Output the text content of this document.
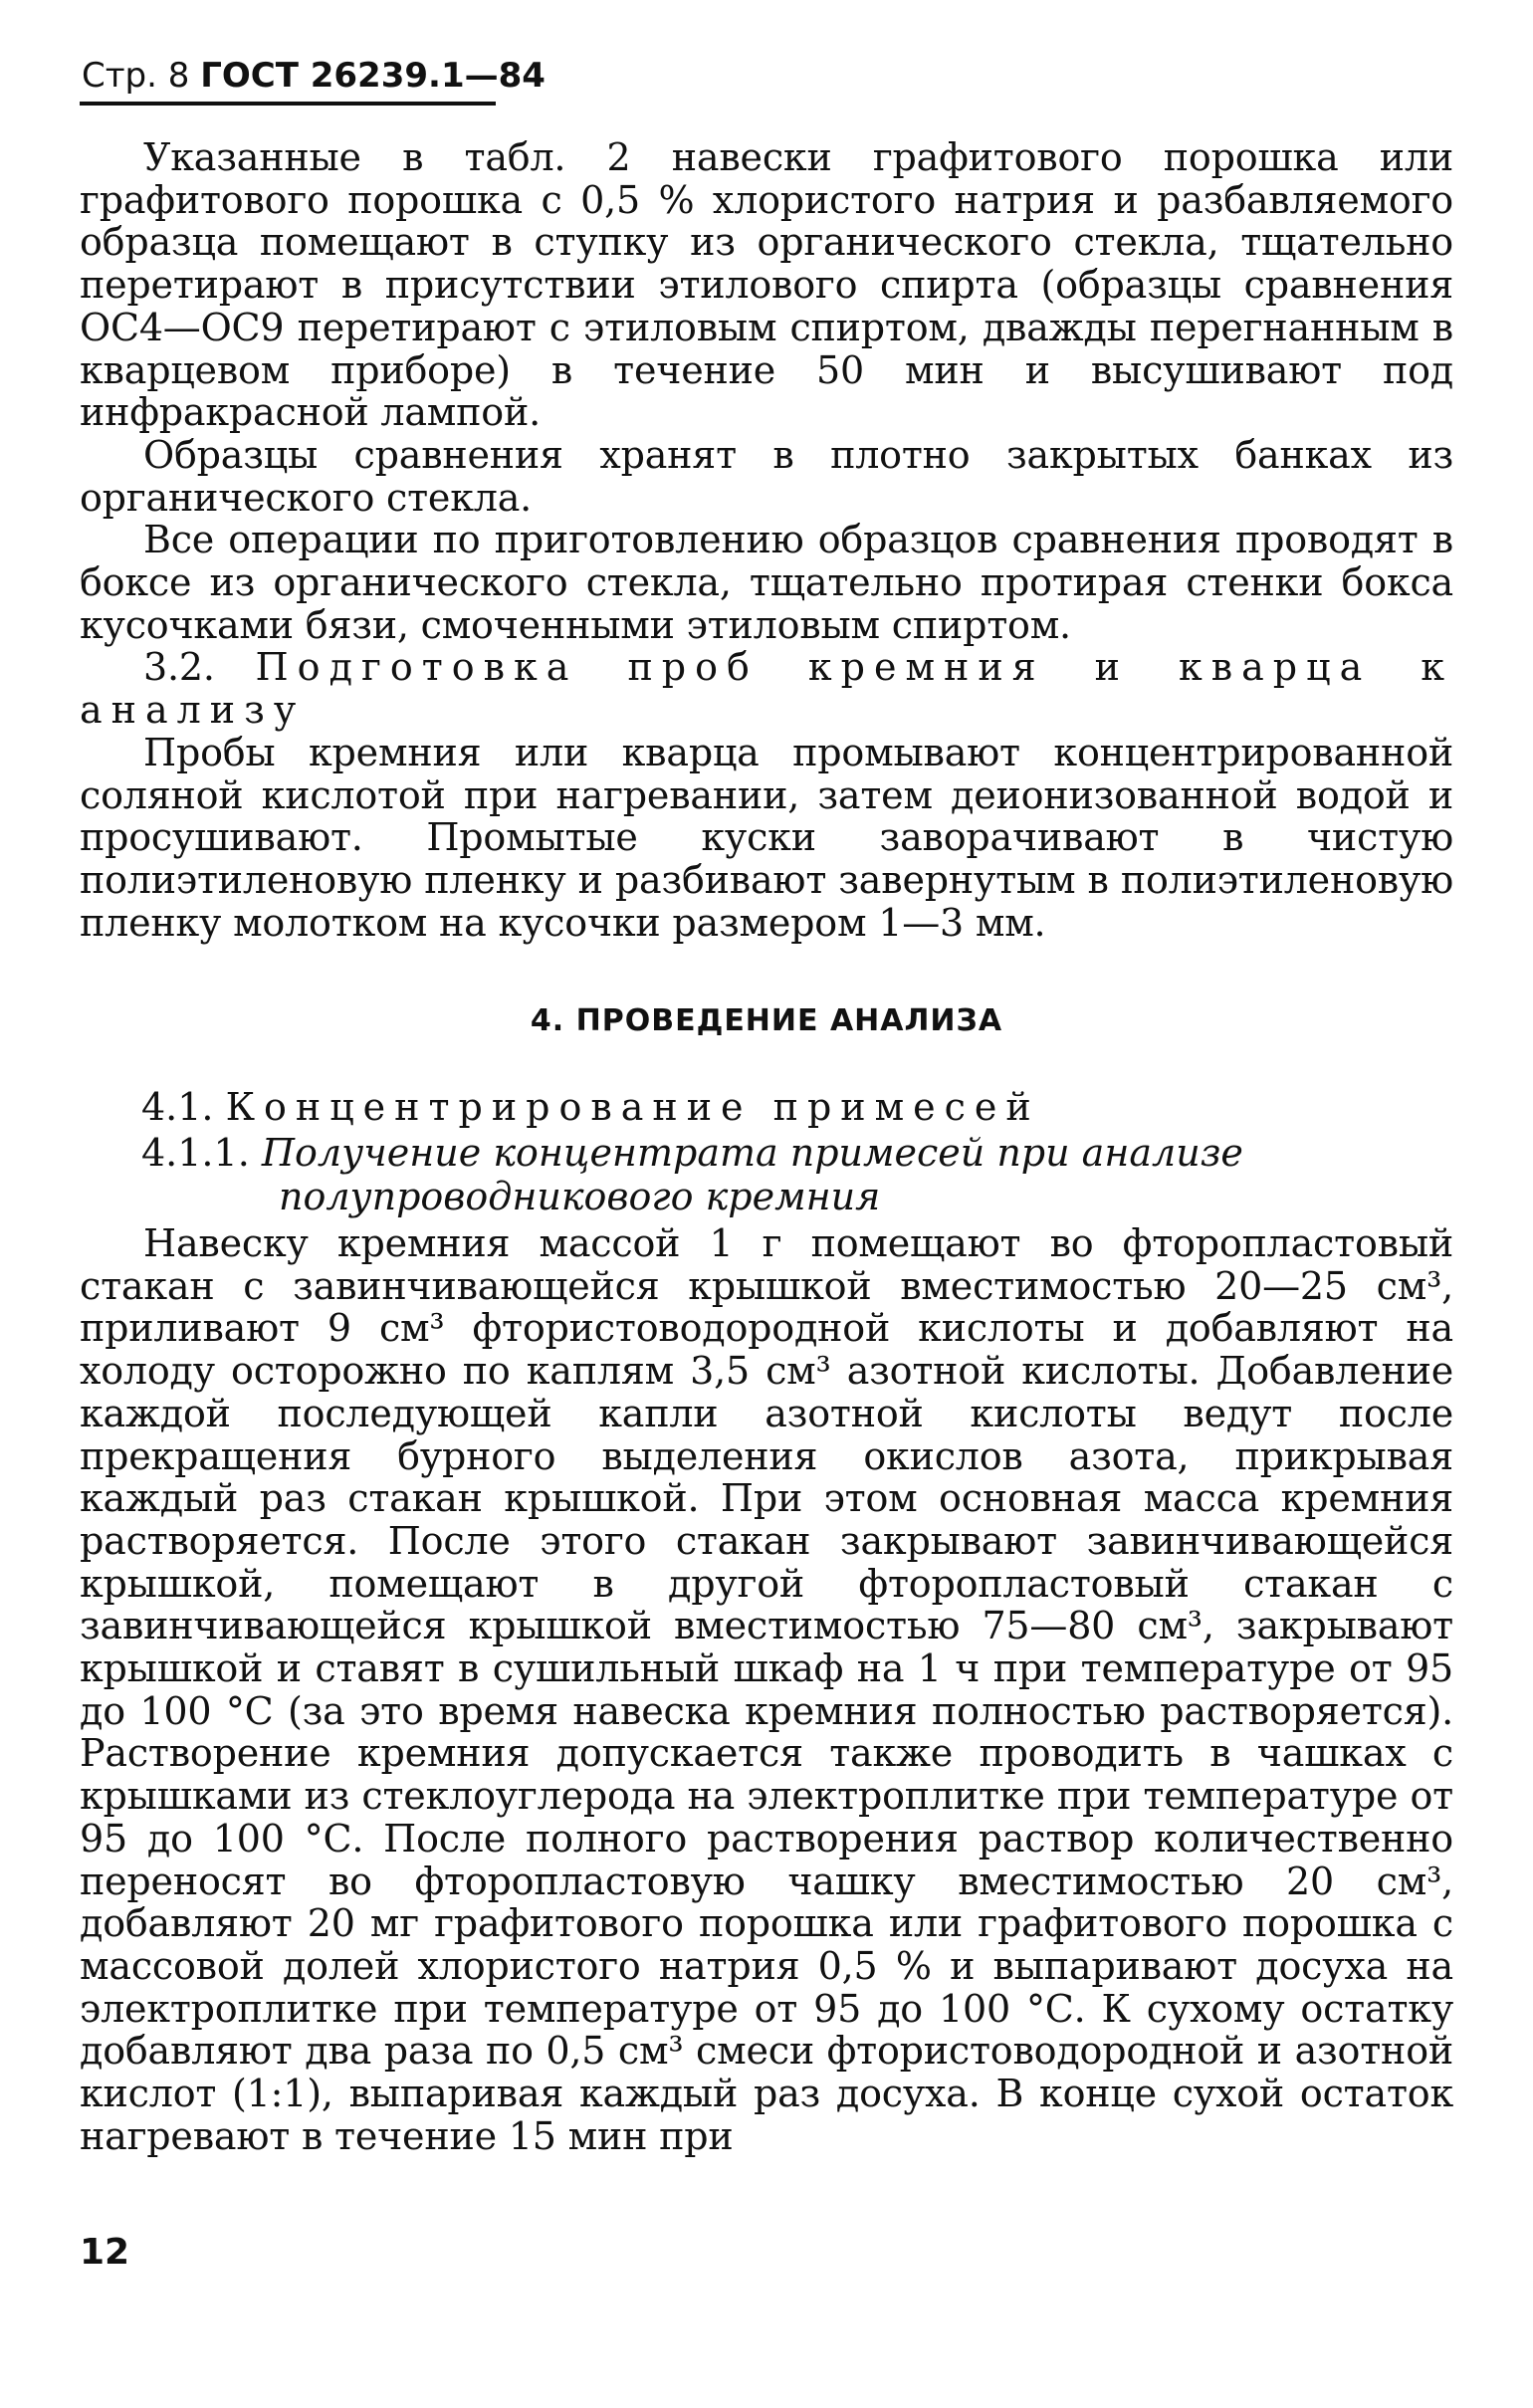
Стр. 8 ГОСТ 26239.1—84

Указанные в табл. 2 навески графитового порошка или графитового порошка с 0,5 % хлористого натрия и разбавляемого образца помещают в ступку из органического стекла, тщательно перетирают в присутствии этилового спирта (образцы сравнения ОС4—ОС9 перетирают с этиловым спиртом, дважды перегнанным в кварцевом приборе) в течение 50 мин и высушивают под инфракрасной лампой.

Образцы сравнения хранят в плотно закрытых банках из органического стекла.

Все операции по приготовлению образцов сравнения проводят в боксе из органического стекла, тщательно протирая стенки бокса кусочками бязи, смоченными этиловым спиртом.

3.2. Подготовка проб кремния и кварца к анализу

Пробы кремния или кварца промывают концентрированной соляной кислотой при нагревании, затем деионизованной водой и просушивают. Промытые куски заворачивают в чистую полиэтиленовую пленку и разбивают завернутым в полиэтиленовую пленку молотком на кусочки размером 1—3 мм.

4. ПРОВЕДЕНИЕ АНАЛИЗА

4.1. Концентрирование примесей

4.1.1. Получение концентрата примесей при анализе полупроводникового кремния

Навеску кремния массой 1 г помещают во фторопластовый стакан с завинчивающейся крышкой вместимостью 20—25 см³, приливают 9 см³ фтористоводородной кислоты и добавляют на холоду осторожно по каплям 3,5 см³ азотной кислоты. Добавление каждой последующей капли азотной кислоты ведут после прекращения бурного выделения окислов азота, прикрывая каждый раз стакан крышкой. При этом основная масса кремния растворяется. После этого стакан закрывают завинчивающейся крышкой, помещают в другой фторопластовый стакан с завинчивающейся крышкой вместимостью 75—80 см³, закрывают крышкой и ставят в сушильный шкаф на 1 ч при температуре от 95 до 100 °С (за это время навеска кремния полностью растворяется). Растворение кремния допускается также проводить в чашках с крышками из стеклоуглерода на электроплитке при температуре от 95 до 100 °С. После полного растворения раствор количественно переносят во фторопластовую чашку вместимостью 20 см³, добавляют 20 мг графитового порошка или графитового порошка с массовой долей хлористого натрия 0,5 % и выпаривают досуха на электроплитке при температуре от 95 до 100 °С. К сухому остатку добавляют два раза по 0,5 см³ смеси фтористоводородной и азотной кислот (1:1), выпаривая каждый раз досуха. В конце сухой остаток нагревают в течение 15 мин при

12
